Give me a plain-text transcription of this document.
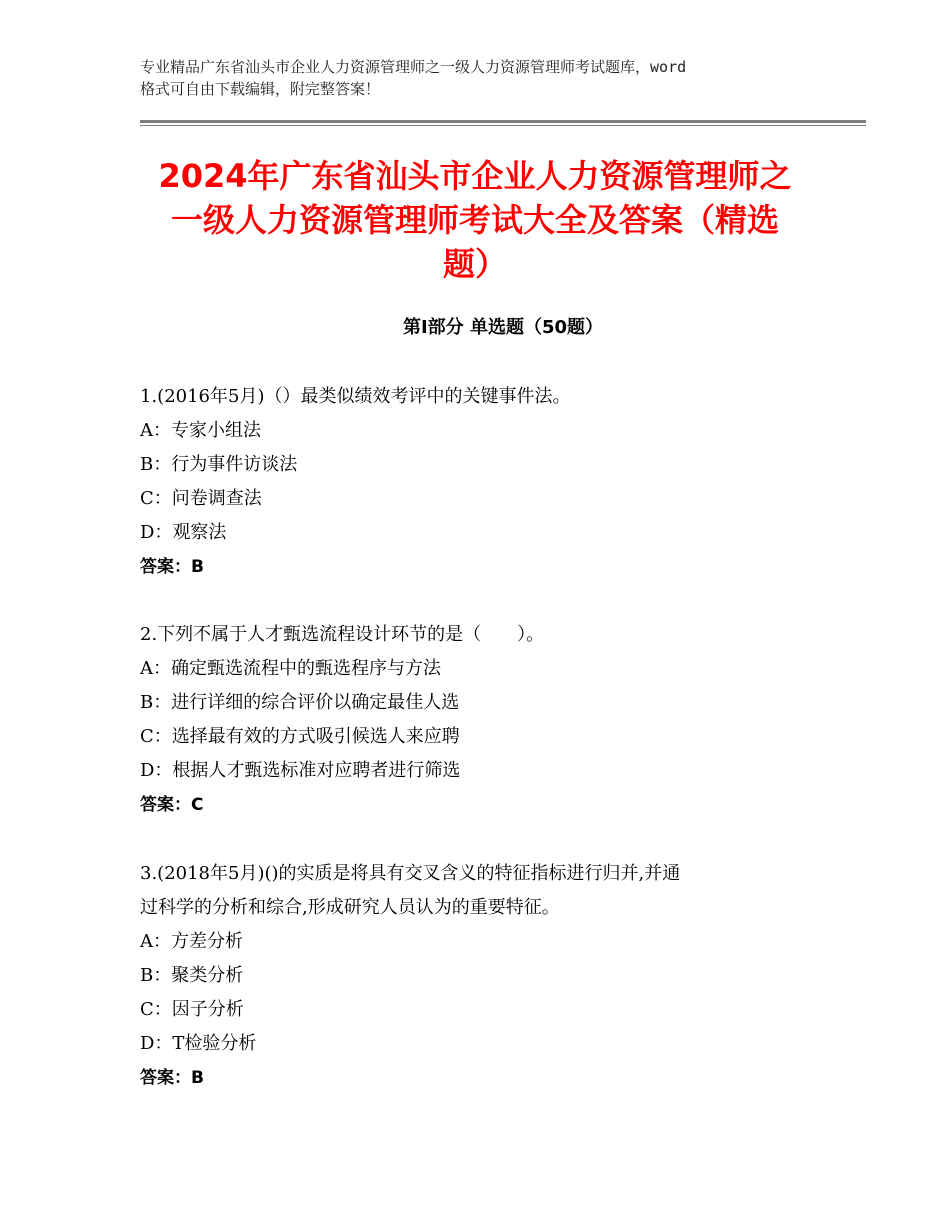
专业精品广东省汕头市企业人力资源管理师之一级人力资源管理师考试题库，word
格式可自由下载编辑，附完整答案！
2024年广东省汕头市企业人力资源管理师之
一级人力资源管理师考试大全及答案（精选
题）
第Ⅰ部分 单选题（50题）
1.(2016年5月)（）最类似绩效考评中的关键事件法。
A：专家小组法
B：行为事件访谈法
C：问卷调查法
D：观察法
答案：B
2.下列不属于人才甄选流程设计环节的是（　　）。
A：确定甄选流程中的甄选程序与方法
B：进行详细的综合评价以确定最佳人选
C：选择最有效的方式吸引候选人来应聘
D：根据人才甄选标准对应聘者进行筛选
答案：C
3.(2018年5月)()的实质是将具有交叉含义的特征指标进行归并,并通
过科学的分析和综合,形成研究人员认为的重要特征。
A：方差分析
B：聚类分析
C：因子分析
D：T检验分析
答案：B
